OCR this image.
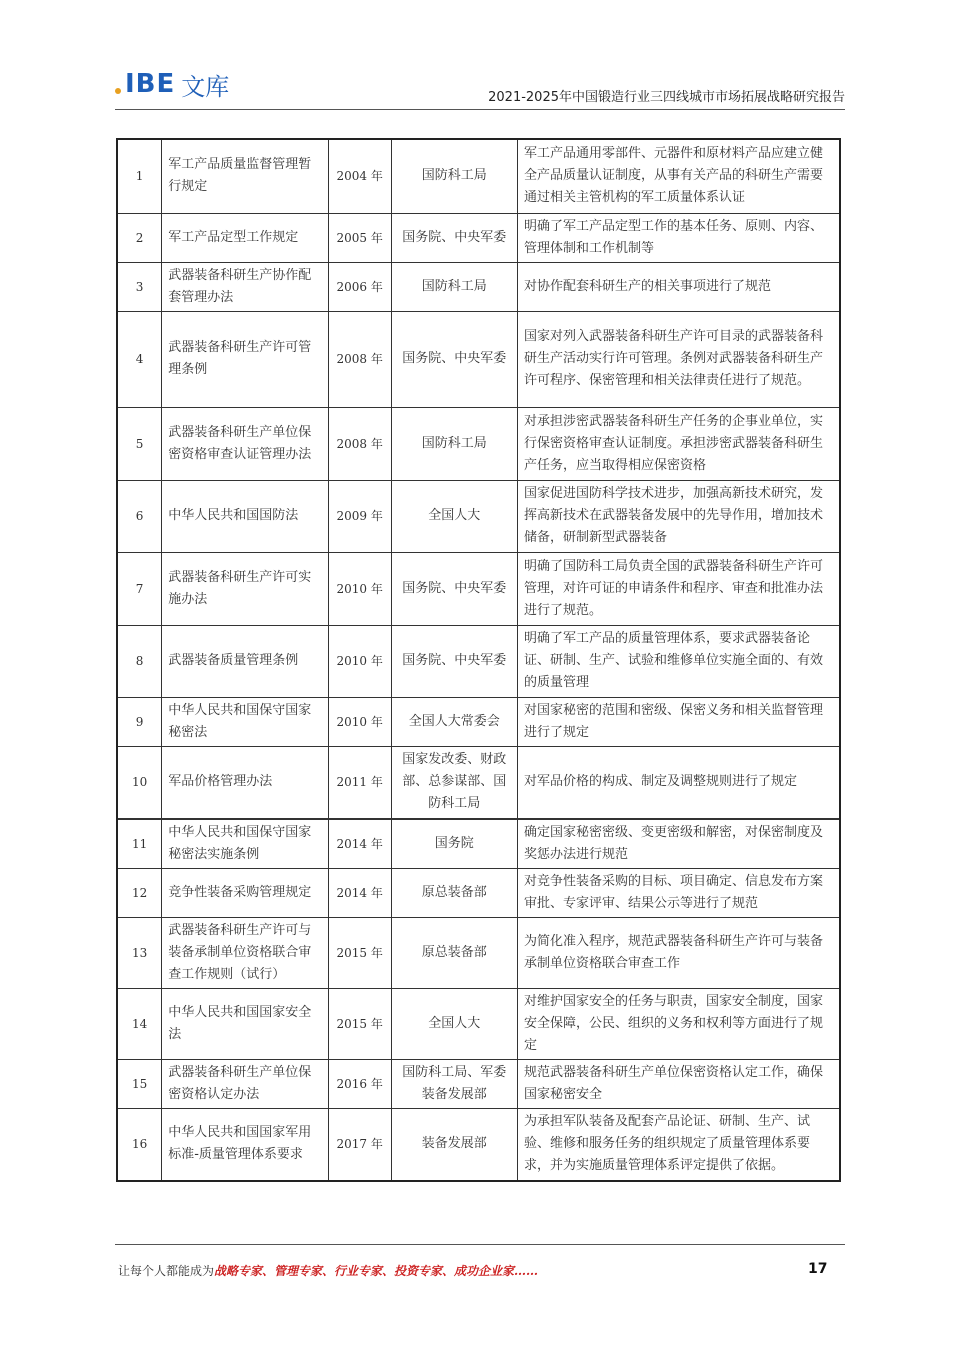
IBE 文库	2021-2025年中国锻造行业三四线城市市场拓展战略研究报告
1	军工产品质量监督管理暂行规定	2004 年	国防科工局	军工产品通用零部件、元器件和原材料产品应建立健全产品质量认证制度，从事有关产品的科研生产需要通过相关主管机构的军工质量体系认证
2	军工产品定型工作规定	2005 年	国务院、中央军委	明确了军工产品定型工作的基本任务、原则、内容、管理体制和工作机制等
3	武器装备科研生产协作配套管理办法	2006 年	国防科工局	对协作配套科研生产的相关事项进行了规范
4	武器装备科研生产许可管理条例	2008 年	国务院、中央军委	国家对列入武器装备科研生产许可目录的武器装备科研生产活动实行许可管理。条例对武器装备科研生产许可程序、保密管理和相关法律责任进行了规范。
5	武器装备科研生产单位保密资格审查认证管理办法	2008 年	国防科工局	对承担涉密武器装备科研生产任务的企事业单位，实行保密资格审查认证制度。承担涉密武器装备科研生产任务，应当取得相应保密资格
6	中华人民共和国国防法	2009 年	全国人大	国家促进国防科学技术进步，加强高新技术研究，发挥高新技术在武器装备发展中的先导作用，增加技术储备，研制新型武器装备
7	武器装备科研生产许可实施办法	2010 年	国务院、中央军委	明确了国防科工局负责全国的武器装备科研生产许可管理，对许可证的申请条件和程序、审查和批准办法进行了规范。
8	武器装备质量管理条例	2010 年	国务院、中央军委	明确了军工产品的质量管理体系，要求武器装备论证、研制、生产、试验和维修单位实施全面的、有效的质量管理
9	中华人民共和国保守国家秘密法	2010 年	全国人大常委会	对国家秘密的范围和密级、保密义务和相关监督管理进行了规定
10	军品价格管理办法	2011 年	国家发改委、财政部、总参谋部、国防科工局	对军品价格的构成、制定及调整规则进行了规定
11	中华人民共和国保守国家秘密法实施条例	2014 年	国务院	确定国家秘密密级、变更密级和解密，对保密制度及奖惩办法进行规范
12	竞争性装备采购管理规定	2014 年	原总装备部	对竞争性装备采购的目标、项目确定、信息发布方案审批、专家评审、结果公示等进行了规范
13	武器装备科研生产许可与装备承制单位资格联合审查工作规则（试行）	2015 年	原总装备部	为简化准入程序，规范武器装备科研生产许可与装备承制单位资格联合审查工作
14	中华人民共和国国家安全法	2015 年	全国人大	对维护国家安全的任务与职责，国家安全制度，国家安全保障，公民、组织的义务和权利等方面进行了规定
15	武器装备科研生产单位保密资格认定办法	2016 年	国防科工局、军委装备发展部	规范武器装备科研生产单位保密资格认定工作，确保国家秘密安全
16	中华人民共和国国家军用标准-质量管理体系要求	2017 年	装备发展部	为承担军队装备及配套产品论证、研制、生产、试验、维修和服务任务的组织规定了质量管理体系要求，并为实施质量管理体系评定提供了依据。
让每个人都能成为战略专家、管理专家、行业专家、投资专家、成功企业家……	17
